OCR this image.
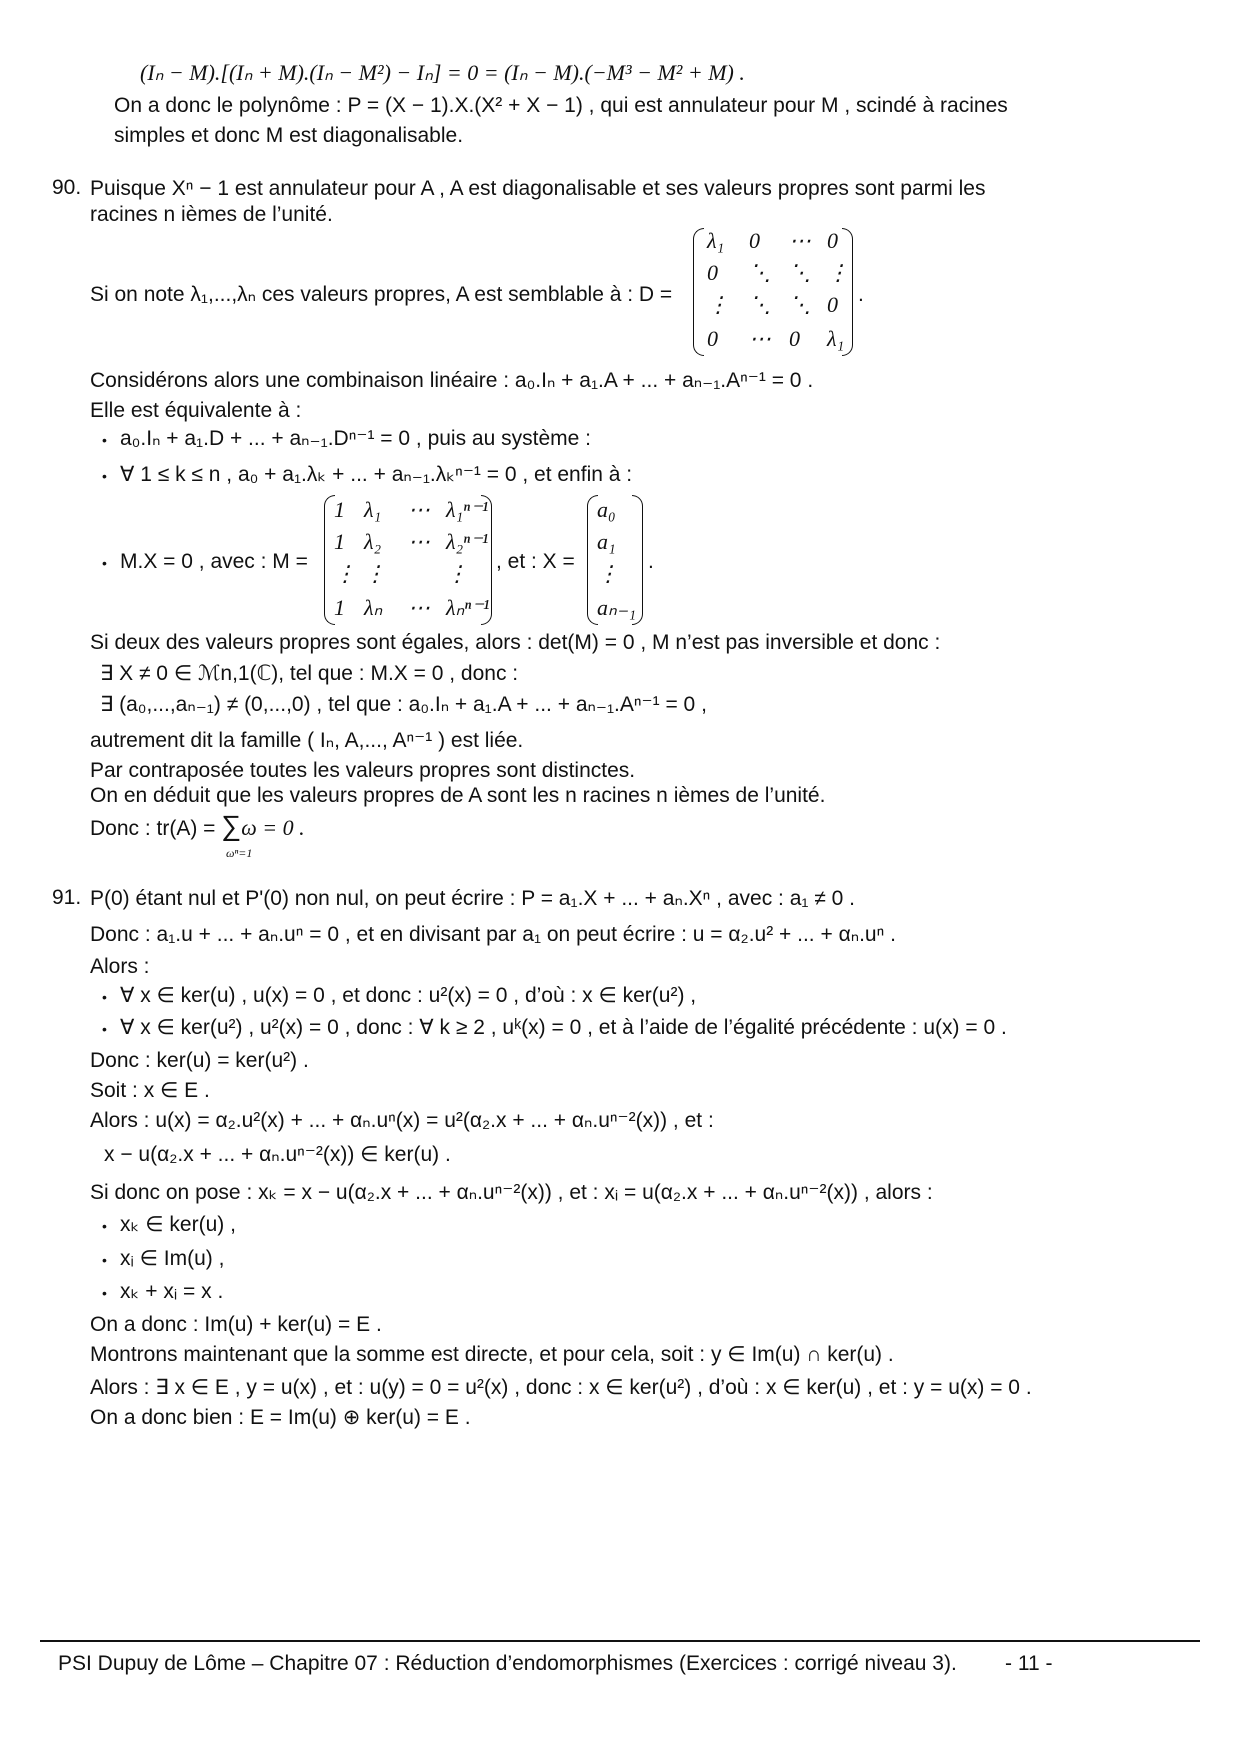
(Iₙ − M).[(Iₙ + M).(Iₙ − M²) − Iₙ] = 0 = (Iₙ − M).(−M³ − M² + M) .
On a donc le polynôme : P = (X − 1).X.(X² + X − 1) , qui est annulateur pour M , scindé à racines
simples et donc M est diagonalisable.
90. Puisque Xⁿ − 1 est annulateur pour A , A est diagonalisable et ses valeurs propres sont parmi les
racines n ièmes de l’unité.
Si on note λ₁,...,λₙ ces valeurs propres, A est semblable à : D =
λ₁ 0 ⋯ 0
0 ⋱ ⋱ ⋮
⋮ ⋱ ⋱ 0
0 ⋯ 0 λ₁
.
Considérons alors une combinaison linéaire : a₀.Iₙ + a₁.A + ... + aₙ₋₁.Aⁿ⁻¹ = 0 .
Elle est équivalente à :
• a₀.Iₙ + a₁.D + ... + aₙ₋₁.Dⁿ⁻¹ = 0 , puis au système :
• ∀ 1 ≤ k ≤ n , a₀ + a₁.λₖ + ... + aₙ₋₁.λₖⁿ⁻¹ = 0 , et enfin à :
• M.X = 0 , avec : M =
1 λ₁ ⋯ λ₁ⁿ⁻¹
1 λ₂ ⋯ λ₂ⁿ⁻¹
⋮ ⋮	⋮
1 λₙ ⋯ λₙⁿ⁻¹
, et : X =
a₀
a₁
⋮
aₙ₋₁
.
Si deux des valeurs propres sont égales, alors : det(M) = 0 , M n’est pas inversible et donc :
∃ X ≠ 0 ∈ ℳn,1(ℂ), tel que : M.X = 0 , donc :
∃ (a₀,...,aₙ₋₁) ≠ (0,...,0) , tel que : a₀.Iₙ + a₁.A + ... + aₙ₋₁.Aⁿ⁻¹ = 0 ,
autrement dit la famille ( Iₙ, A,..., Aⁿ⁻¹ ) est liée.
Par contraposée toutes les valeurs propres sont distinctes.
On en déduit que les valeurs propres de A sont les n racines n ièmes de l’unité.
Donc : tr(A) = ∑ω = 0 .
ωⁿ=1
91. P(0) étant nul et P'(0) non nul, on peut écrire : P = a₁.X + ... + aₙ.Xⁿ , avec : a₁ ≠ 0 .
Donc : a₁.u + ... + aₙ.uⁿ = 0 , et en divisant par a₁ on peut écrire : u = α₂.u² + ... + αₙ.uⁿ .
Alors :
• ∀ x ∈ ker(u) , u(x) = 0 , et donc : u²(x) = 0 , d’où : x ∈ ker(u²) ,
• ∀ x ∈ ker(u²) , u²(x) = 0 , donc : ∀ k ≥ 2 , uᵏ(x) = 0 , et à l’aide de l’égalité précédente : u(x) = 0 .
Donc : ker(u) = ker(u²) .
Soit : x ∈ E .
Alors : u(x) = α₂.u²(x) + ... + αₙ.uⁿ(x) = u²(α₂.x + ... + αₙ.uⁿ⁻²(x)) , et :
x − u(α₂.x + ... + αₙ.uⁿ⁻²(x)) ∈ ker(u) .
Si donc on pose : xₖ = x − u(α₂.x + ... + αₙ.uⁿ⁻²(x)) , et : xᵢ = u(α₂.x + ... + αₙ.uⁿ⁻²(x)) , alors :
• xₖ ∈ ker(u) ,
• xᵢ ∈ Im(u) ,
• xₖ + xᵢ = x .
On a donc : Im(u) + ker(u) = E .
Montrons maintenant que la somme est directe, et pour cela, soit : y ∈ Im(u) ∩ ker(u) .
Alors : ∃ x ∈ E , y = u(x) , et : u(y) = 0 = u²(x) , donc : x ∈ ker(u²) , d’où : x ∈ ker(u) , et : y = u(x) = 0 .
On a donc bien : E = Im(u) ⊕ ker(u) = E .
PSI Dupuy de Lôme – Chapitre 07 : Réduction d’endomorphismes (Exercices : corrigé niveau 3). - 11 -
